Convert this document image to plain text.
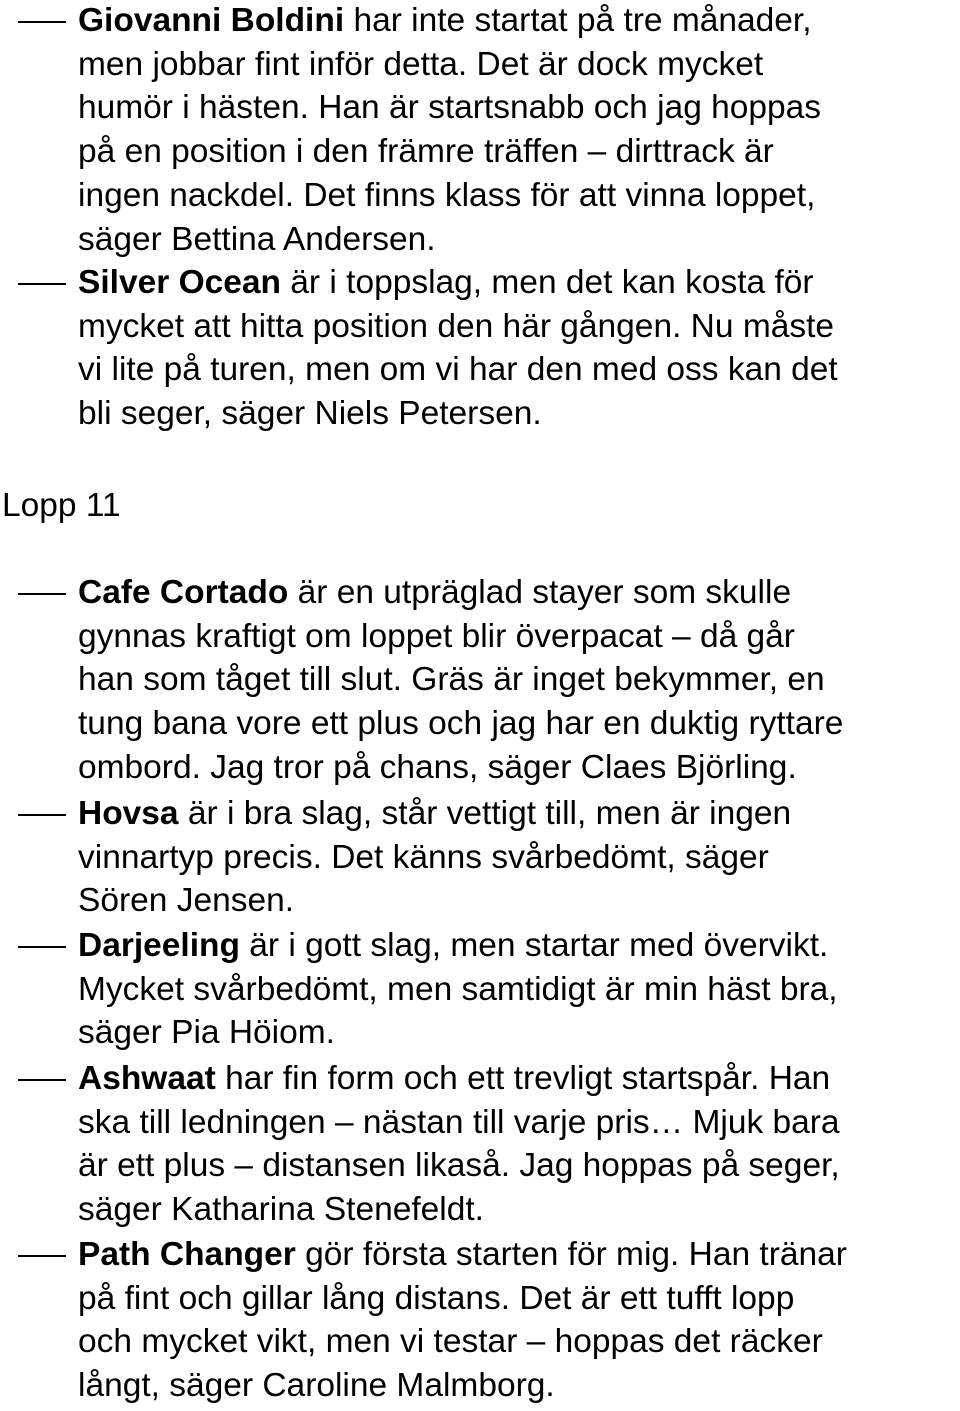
Giovanni Boldini har inte startat på tre månader,
men jobbar fint inför detta. Det är dock mycket
humör i hästen. Han är startsnabb och jag hoppas
på en position i den främre träffen – dirttrack är
ingen nackdel. Det finns klass för att vinna loppet,
säger Bettina Andersen.
Silver Ocean är i toppslag, men det kan kosta för
mycket att hitta position den här gången. Nu måste
vi lite på turen, men om vi har den med oss kan det
bli seger, säger Niels Petersen.
Lopp 11
Cafe Cortado är en utpräglad stayer som skulle
gynnas kraftigt om loppet blir överpacat – då går
han som tåget till slut. Gräs är inget bekymmer, en
tung bana vore ett plus och jag har en duktig ryttare
ombord. Jag tror på chans, säger Claes Björling.
Hovsa är i bra slag, står vettigt till, men är ingen
vinnartyp precis. Det känns svårbedömt, säger
Sören Jensen.
Darjeeling är i gott slag, men startar med övervikt.
Mycket svårbedömt, men samtidigt är min häst bra,
säger Pia Höiom.
Ashwaat har fin form och ett trevligt startspår. Han
ska till ledningen – nästan till varje pris… Mjuk bara
är ett plus – distansen likaså. Jag hoppas på seger,
säger Katharina Stenefeldt.
Path Changer gör första starten för mig. Han tränar
på fint och gillar lång distans. Det är ett tufft lopp
och mycket vikt, men vi testar – hoppas det räcker
långt, säger Caroline Malmborg.
